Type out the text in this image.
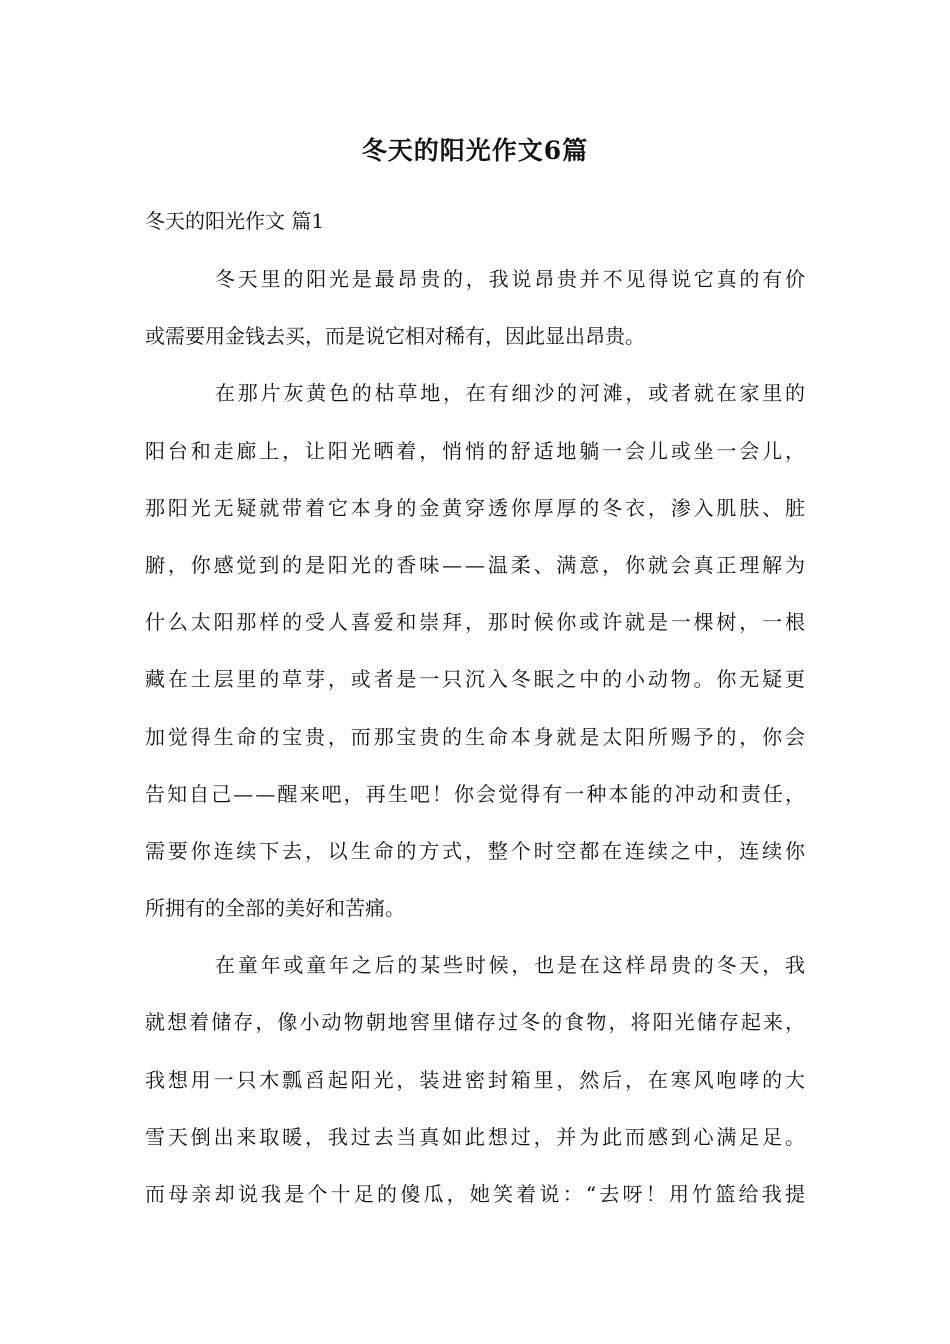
冬天的阳光作文6篇

冬天的阳光作文 篇1

冬天里的阳光是最昂贵的，我说昂贵并不见得说它真的有价

或需要用金钱去买，而是说它相对稀有，因此显出昂贵。

在那片灰黄色的枯草地，在有细沙的河滩，或者就在家里的

阳台和走廊上，让阳光晒着，悄悄的舒适地躺一会儿或坐一会儿，

那阳光无疑就带着它本身的金黄穿透你厚厚的冬衣，渗入肌肤、脏

腑，你感觉到的是阳光的香味——温柔、满意，你就会真正理解为

什么太阳那样的受人喜爱和崇拜，那时候你或许就是一棵树，一根

藏在土层里的草芽，或者是一只沉入冬眠之中的小动物。你无疑更

加觉得生命的宝贵，而那宝贵的生命本身就是太阳所赐予的，你会

告知自己——醒来吧，再生吧！你会觉得有一种本能的冲动和责任，

需要你连续下去，以生命的方式，整个时空都在连续之中，连续你

所拥有的全部的美好和苦痛。

在童年或童年之后的某些时候，也是在这样昂贵的冬天，我

就想着储存，像小动物朝地窖里储存过冬的食物，将阳光储存起来，

我想用一只木瓢舀起阳光，装进密封箱里，然后，在寒风咆哮的大

雪天倒出来取暖，我过去当真如此想过，并为此而感到心满足足。

而母亲却说我是个十足的傻瓜，她笑着说：“去呀！用竹篮给我提
